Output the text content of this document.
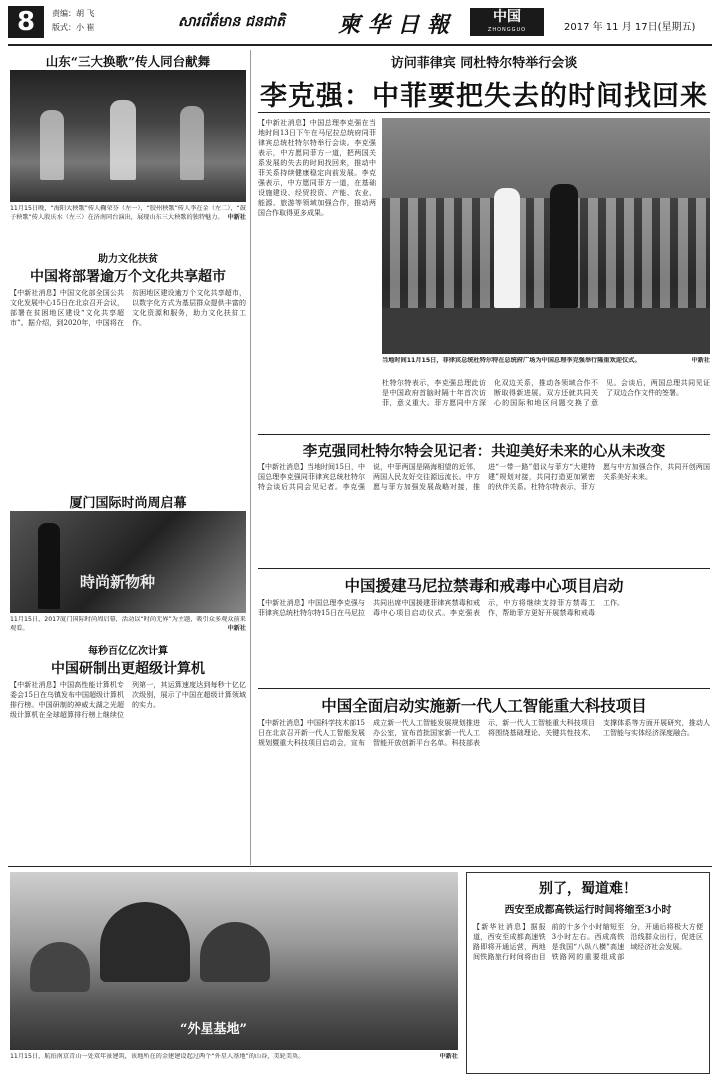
8	责编：胡 飞
版式：小 崔	សារព័ត៌មាន ជនជាតិ 柬 华 日 報	中国
ZHONGGUO	2017 年 11 月 17日(星期五)
山东“三大换歌”传人同台献舞
11月15日晚，“海阳大秧歌”传人鞠荣芬（左一），“胶州秧歌”传人李在金（左二），“鼓子秧歌”传人殷庆水（左三）在济南同台演出，展现山东三大秧歌的独特魅力。 中新社
助力文化扶贫
中国将部署逾万个文化共享超市
【中新社消息】中国文化部全国公共文化发展中心15日在北京召开会议，部署在贫困地区建设“文化共享超市”。据介绍，到2020年，中国将在贫困地区建设逾万个文化共享超市，以数字化方式为基层群众提供丰富的文化资源和服务，助力文化扶贫工作。
厦门国际时尚周启幕
時尚新物种
11月15日，2017厦门国际时尚周启幕，活动以“时尚无界”为主题，吸引众多观众前来观看。	中新社
每秒百亿亿次计算
中国研制出更超级计算机
【中新社消息】中国高性能计算机专委会15日在乌镇发布中国超级计算机排行榜。中国研制的神威太湖之光超级计算机在全球超算排行榜上继续位列第一，其运算速度达到每秒十亿亿次级别，展示了中国在超级计算领域的实力。
访问菲律宾 同杜特尔特举行会谈
李克强：中菲要把失去的时间找回来
【中新社消息】中国总理李克强在当地时间13日下午在马尼拉总统府同菲律宾总统杜特尔特举行会谈。李克强表示，中方愿同菲方一道，把两国关系发展的失去的时间找回来，推动中菲关系持续健康稳定向前发展。李克强表示，中方愿同菲方一道，在基础设施建设、经贸投资、产能、农业、能源、旅游等领域加强合作，推动两国合作取得更多成果。
当地时间11月15日，菲律宾总统杜特尔特在总统府广场为中国总理李克强举行隆重欢迎仪式。	中新社
杜特尔特表示，李克强总理此访是中国政府首脑时隔十年首次访菲，意义重大。菲方愿同中方深化双边关系，推动各领域合作不断取得新进展。双方还就共同关心的国际和地区问题交换了意见。会谈后，两国总理共同见证了双边合作文件的签署。
李克强同杜特尔特会见记者：共迎美好未来的心从未改变
【中新社消息】当地时间15日，中国总理李克强同菲律宾总统杜特尔特会谈后共同会见记者。李克强说，中菲两国是隔海相望的近邻，两国人民友好交往源远流长。中方愿与菲方加强发展战略对接，推进“一带一路”倡议与菲方“大建特建”规划对接，共同打造更加紧密的伙伴关系。杜特尔特表示，菲方愿与中方加强合作，共同开创两国关系美好未来。
中国援建马尼拉禁毒和戒毒中心项目启动
【中新社消息】中国总理李克强与菲律宾总统杜特尔特15日在马尼拉共同出席中国援建菲律宾禁毒和戒毒中心项目启动仪式。李克强表示，中方将继续支持菲方禁毒工作，帮助菲方更好开展禁毒和戒毒工作。
中国全面启动实施新一代人工智能重大科技项目
【中新社消息】中国科学技术部15日在北京召开新一代人工智能发展规划暨重大科技项目启动会，宣布成立新一代人工智能发展规划推进办公室，宣布首批国家新一代人工智能开放创新平台名单。科技部表示，新一代人工智能重大科技项目将围绕基础理论、关键共性技术、支撑体系等方面开展研究，推动人工智能与实体经济深度融合。
“外星基地”
11月15日，航拍南京青山一处双年景建筑，该地所在的金建建设起过两个“外星人基地”的山谷，美轮美奂。	中新社
别了，蜀道难！
西安至成都高铁运行时间将缩至3小时
【新华社消息】据报道，西安至成都高速铁路即将开通运营，两地间铁路旅行时间将由目前的十多个小时缩短至3小时左右。西成高铁是我国“八纵八横”高速铁路网的重要组成部分，开通后将极大方便沿线群众出行，促进区域经济社会发展。
